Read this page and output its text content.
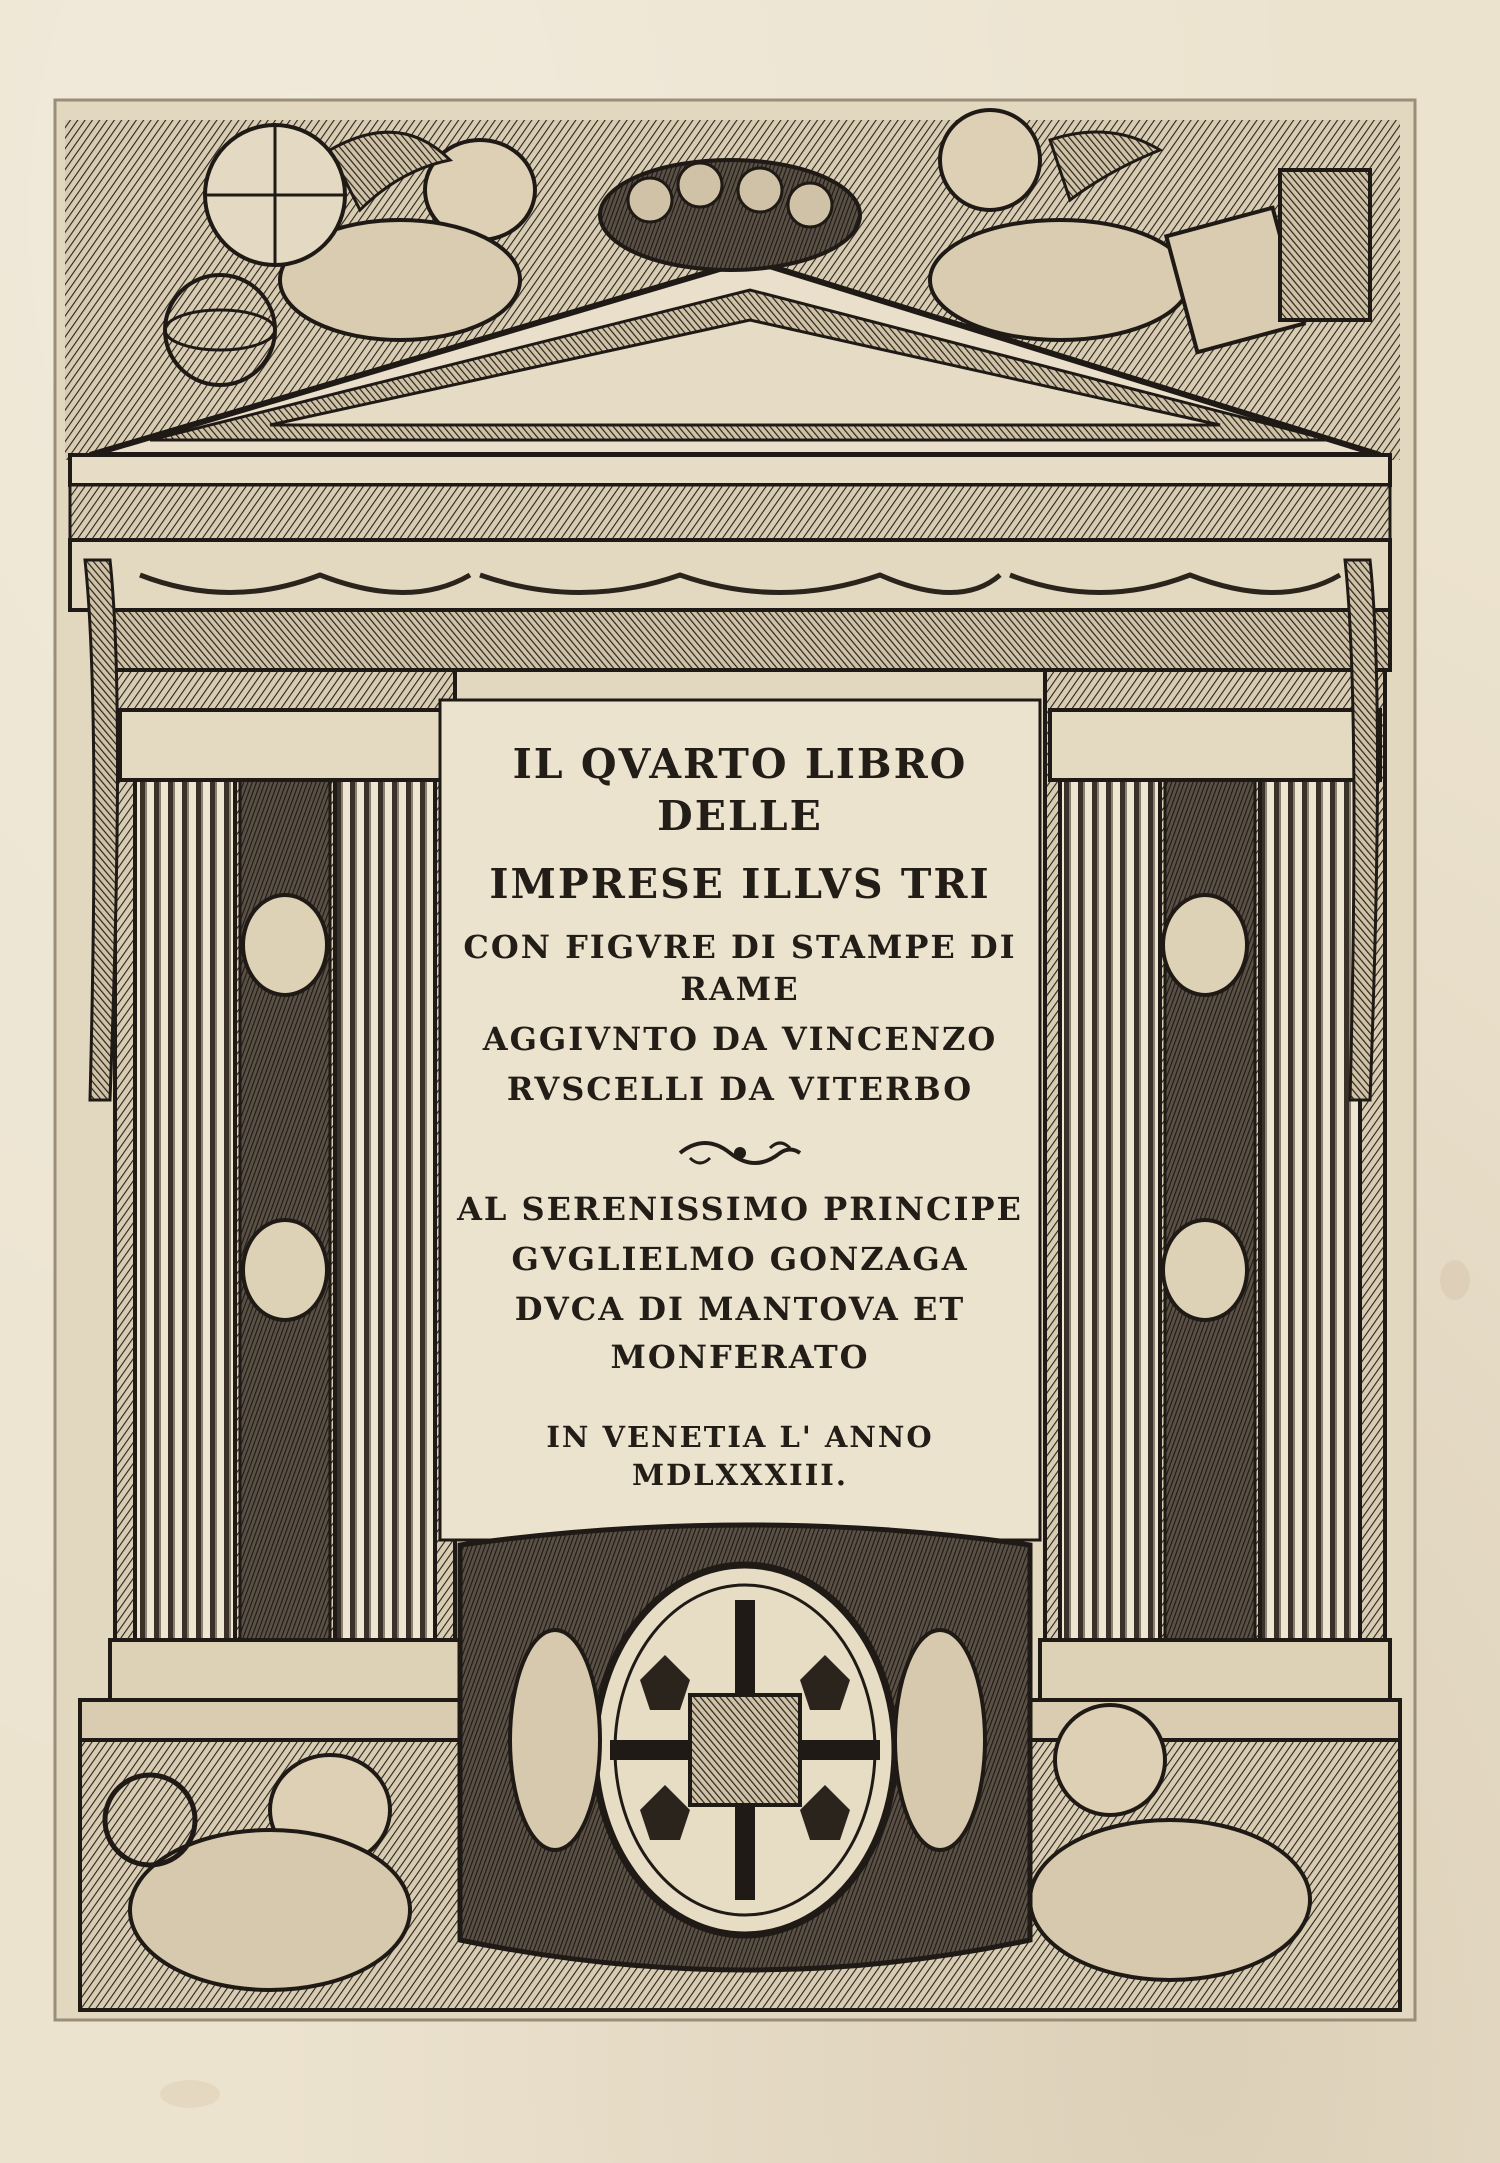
IL QVARTO LIBRO
DELLE
IMPRESE ILLVS TRI
CON FIGVRE DI STAMPE DI
RAME
AGGIVNTO DA VINCENZO
RVSCELLI DA VITERBO
AL SERENISSIMO PRINCIPE
GVGLIELMO GONZAGA
DVCA DI MANTOVA ET
MONFERATO
IN VENETIA L' ANNO
MDLXXXIII.
